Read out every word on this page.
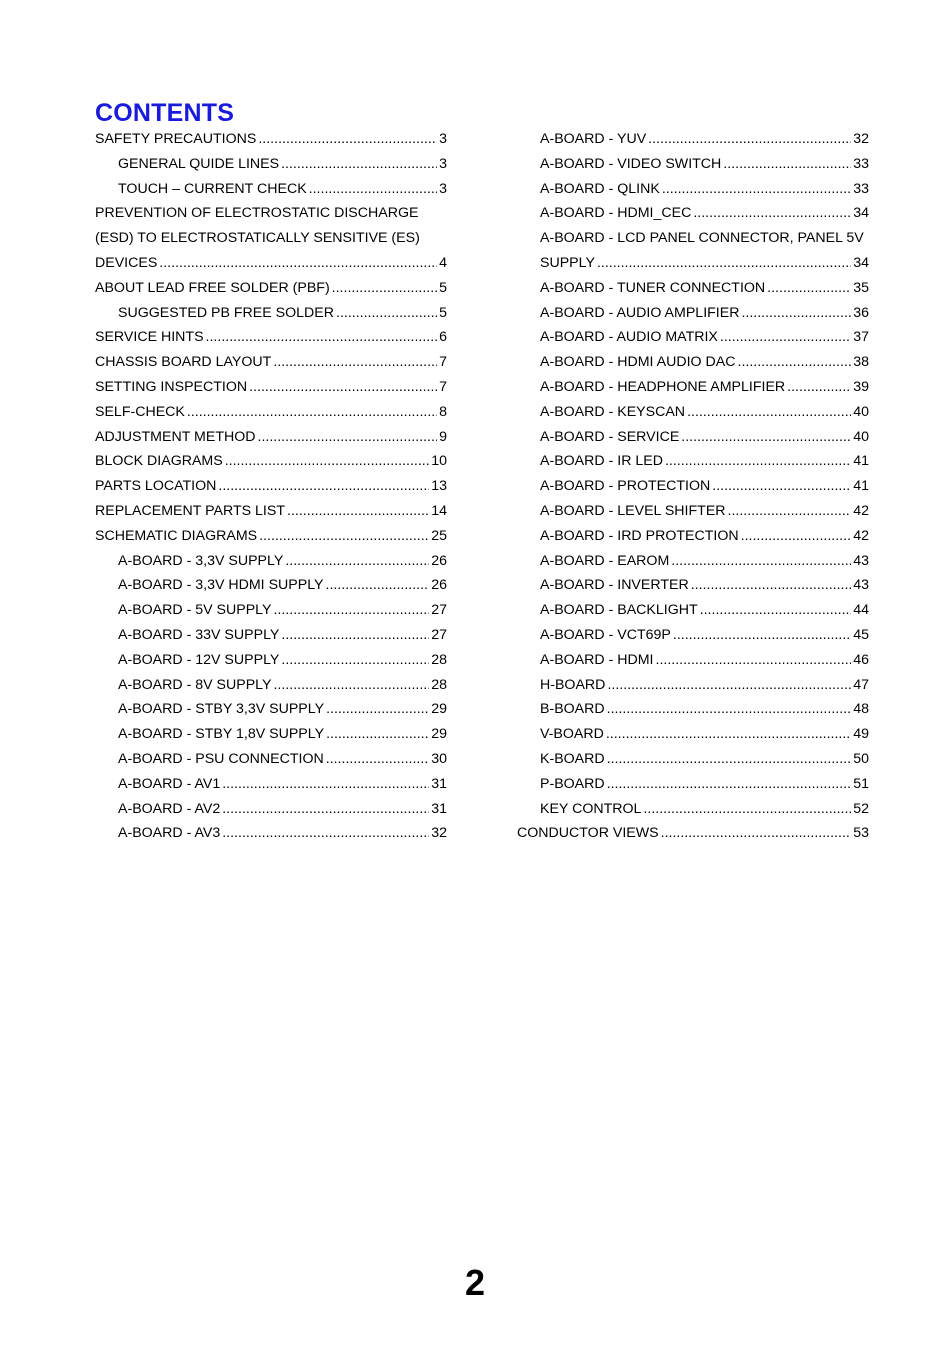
CONTENTS
SAFETY PRECAUTIONS .....	3
GENERAL QUIDE LINES .....	3
TOUCH – CURRENT CHECK .....	3
PREVENTION OF ELECTROSTATIC DISCHARGE
(ESD) TO ELECTROSTATICALLY SENSITIVE (ES)
DEVICES .....	4
ABOUT LEAD FREE SOLDER (PBF) .....	5
SUGGESTED PB FREE SOLDER .....	5
SERVICE HINTS .....	6
CHASSIS BOARD LAYOUT .....	7
SETTING INSPECTION .....	7
SELF-CHECK .....	8
ADJUSTMENT METHOD .....	9
BLOCK DIAGRAMS .....	10
PARTS LOCATION .....	13
REPLACEMENT PARTS LIST .....	14
SCHEMATIC DIAGRAMS .....	25
A-BOARD - 3,3V SUPPLY .....	26
A-BOARD - 3,3V HDMI SUPPLY .....	26
A-BOARD - 5V SUPPLY .....	27
A-BOARD - 33V SUPPLY .....	27
A-BOARD - 12V SUPPLY .....	28
A-BOARD - 8V SUPPLY .....	28
A-BOARD - STBY 3,3V SUPPLY .....	29
A-BOARD - STBY 1,8V SUPPLY .....	29
A-BOARD - PSU CONNECTION .....	30
A-BOARD - AV1 .....	31
A-BOARD - AV2 .....	31
A-BOARD - AV3 .....	32
A-BOARD - YUV .....	32
A-BOARD - VIDEO SWITCH .....	33
A-BOARD - QLINK .....	33
A-BOARD - HDMI_CEC .....	34
A-BOARD - LCD PANEL CONNECTOR, PANEL 5V
SUPPLY .....	34
A-BOARD - TUNER CONNECTION .....	35
A-BOARD - AUDIO AMPLIFIER .....	36
A-BOARD - AUDIO MATRIX .....	37
A-BOARD - HDMI AUDIO DAC .....	38
A-BOARD - HEADPHONE AMPLIFIER .....	39
A-BOARD - KEYSCAN .....	40
A-BOARD - SERVICE .....	40
A-BOARD - IR LED .....	41
A-BOARD - PROTECTION .....	41
A-BOARD - LEVEL SHIFTER .....	42
A-BOARD - IRD PROTECTION .....	42
A-BOARD - EAROM .....	43
A-BOARD - INVERTER .....	43
A-BOARD - BACKLIGHT .....	44
A-BOARD - VCT69P .....	45
A-BOARD - HDMI .....	46
H-BOARD .....	47
B-BOARD .....	48
V-BOARD .....	49
K-BOARD .....	50
P-BOARD .....	51
KEY CONTROL .....	52
CONDUCTOR VIEWS .....	53
2
